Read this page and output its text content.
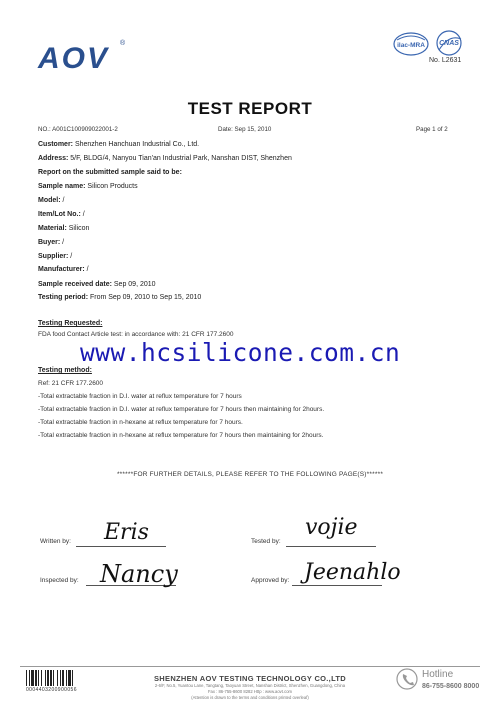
AOV ®	ilac-MRA CNAS
No. L2631
TEST REPORT
NO.: A001C100909022001-2	Date: Sep 15, 2010	Page 1 of 2
Customer: Shenzhen Hanchuan Industrial Co., Ltd.
Address: 5/F, BLDG/4, Nanyou Tian'an Industrial Park, Nanshan DIST, Shenzhen
Report on the submitted sample said to be:
Sample name: Silicon Products
Model: /
Item/Lot No.: /
Material: Silicon
Buyer: /
Supplier: /
Manufacturer: /
Sample received date: Sep 09, 2010
Testing period: From Sep 09, 2010 to Sep 15, 2010
Testing Requested:
FDA food Contact Article test: in accordance with: 21 CFR 177.2600
www.hcsilicone.com.cn
Testing method:
Ref: 21 CFR 177.2600
-Total extractable fraction in D.I. water at reflux temperature for 7 hours
-Total extractable fraction in D.I. water at reflux temperature for 7 hours then maintaining for 2hours.
-Total extractable fraction in n-hexane at reflux temperature for 7 hours.
-Total extractable fraction in n-hexane at reflux temperature for 7 hours then maintaining for 2hours.
******FOR FURTHER DETAILS, PLEASE REFER TO THE FOLLOWING PAGE(S)******
Written by: Eris	Tested by:
vojie
Inspected by: Nancy	Approved by: Jeenahlo
0004403200900056
SHENZHEN AOV TESTING TECHNOLOGY CO.,LTD
2-6/F, No.5, Yuantou Lane, Tangtang, Taoyuan Street, Nanshan District, Shenzhen, Guangdong, China
Fax : 86-755-8600 8282 Http : www.aovt.com
(Attention is drawn to the terms and conditions printed overleaf)
Hotline
86-755-8600 8000
